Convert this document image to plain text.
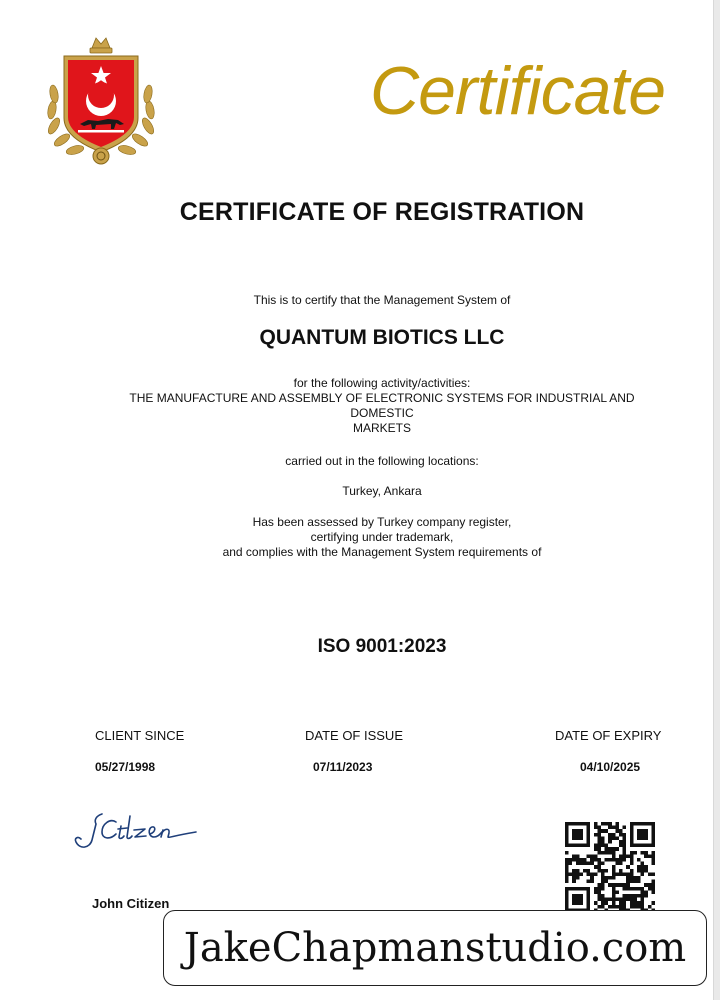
Certificate
CERTIFICATE OF REGISTRATION
This is to certify that the Management System of
QUANTUM BIOTICS LLC
for the following activity/activities:
THE MANUFACTURE AND ASSEMBLY OF ELECTRONIC SYSTEMS FOR INDUSTRIAL AND
DOMESTIC
MARKETS
carried out in the following locations:
Turkey, Ankara
Has been assessed by Turkey company register,
certifying under trademark,
and complies with the Management System requirements of
ISO 9001:2023
CLIENT SINCE	DATE OF ISSUE	DATE OF EXPIRY
05/27/1998	07/11/2023	04/10/2025
John Citizen
JakeChapmanstudio.com
